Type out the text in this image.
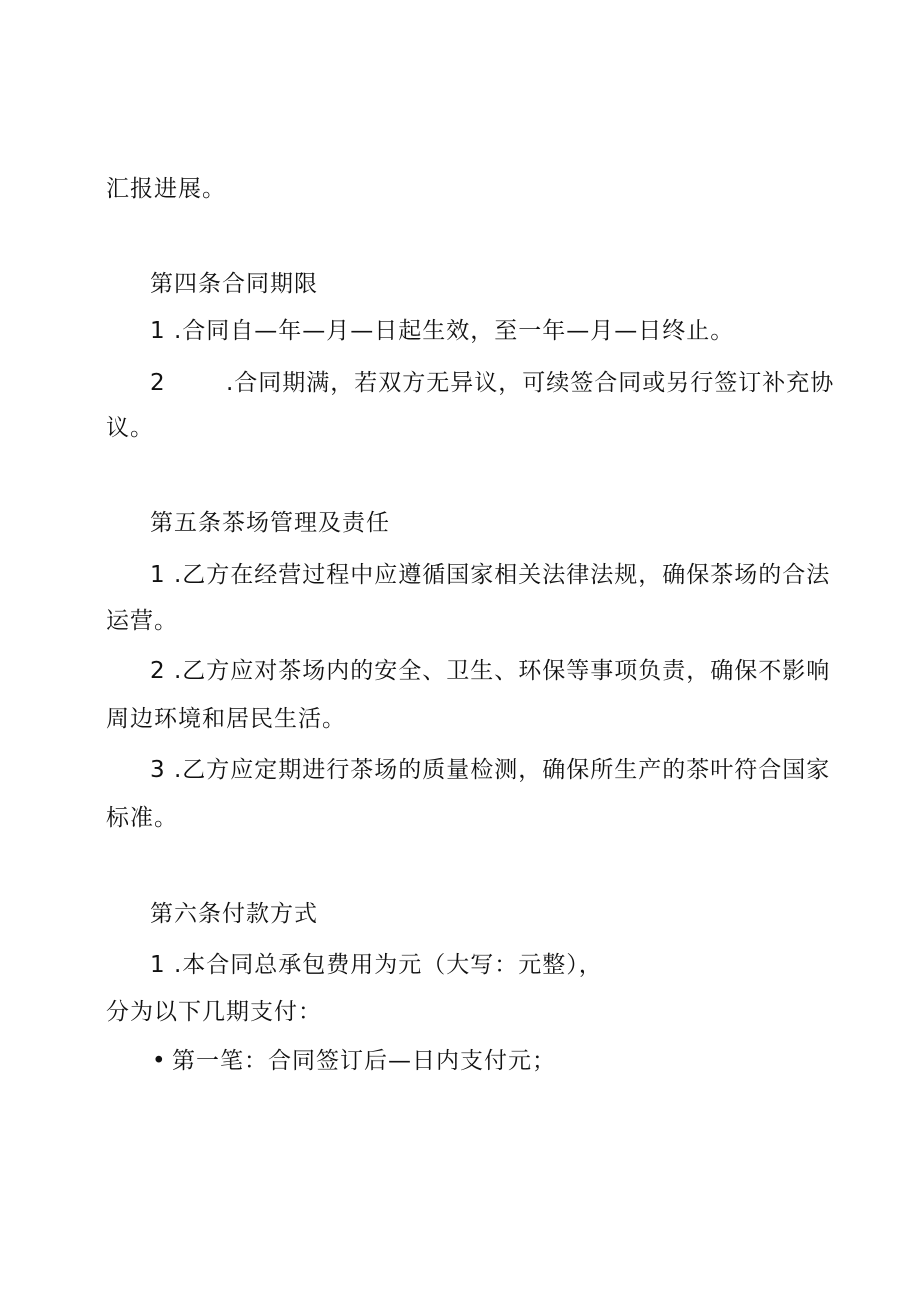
汇报进展。
第四条合同期限
1 .合同自—年—月—日起生效，至一年—月—日终止。
2	.合同期满，若双方无异议，可续签合同或另行签订补充协
议。
第五条茶场管理及责任
1 .乙方在经营过程中应遵循国家相关法律法规，确保茶场的合法
运营。
2 .乙方应对茶场内的安全、卫生、环保等事项负责，确保不影响
周边环境和居民生活。
3 .乙方应定期进行茶场的质量检测，确保所生产的茶叶符合国家
标准。
第六条付款方式
1 .本合同总承包费用为元（大写：元整），
分为以下几期支付：
• 第一笔：合同签订后—日内支付元；
